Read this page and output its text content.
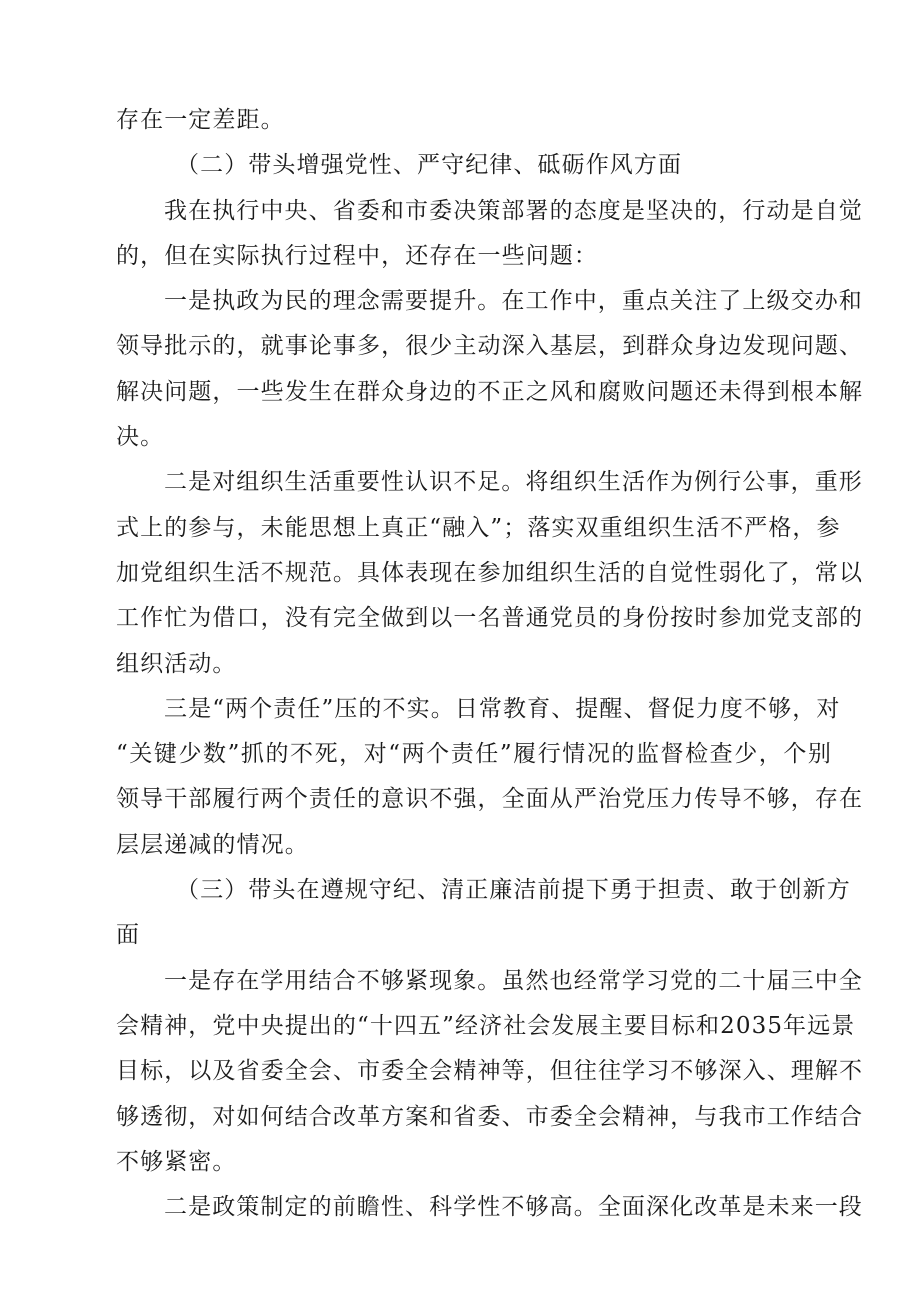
存在一定差距。
（二）带头增强党性、严守纪律、砥砺作风方面
我在执行中央、省委和市委决策部署的态度是坚决的，行动是自觉
的，但在实际执行过程中，还存在一些问题：
一是执政为民的理念需要提升。在工作中，重点关注了上级交办和
领导批示的，就事论事多，很少主动深入基层，到群众身边发现问题、
解决问题，一些发生在群众身边的不正之风和腐败问题还未得到根本解
决。
二是对组织生活重要性认识不足。将组织生活作为例行公事，重形
式上的参与，未能思想上真正“融入”；落实双重组织生活不严格，参
加党组织生活不规范。具体表现在参加组织生活的自觉性弱化了，常以
工作忙为借口，没有完全做到以一名普通党员的身份按时参加党支部的
组织活动。
三是“两个责任”压的不实。日常教育、提醒、督促力度不够，对
“关键少数”抓的不死，对“两个责任”履行情况的监督检查少，个别
领导干部履行两个责任的意识不强，全面从严治党压力传导不够，存在
层层递减的情况。
（三）带头在遵规守纪、清正廉洁前提下勇于担责、敢于创新方
面
一是存在学用结合不够紧现象。虽然也经常学习党的二十届三中全
会精神，党中央提出的“十四五”经济社会发展主要目标和2035年远景
目标，以及省委全会、市委全会精神等，但往往学习不够深入、理解不
够透彻，对如何结合改革方案和省委、市委全会精神，与我市工作结合
不够紧密。
二是政策制定的前瞻性、科学性不够高。全面深化改革是未来一段
